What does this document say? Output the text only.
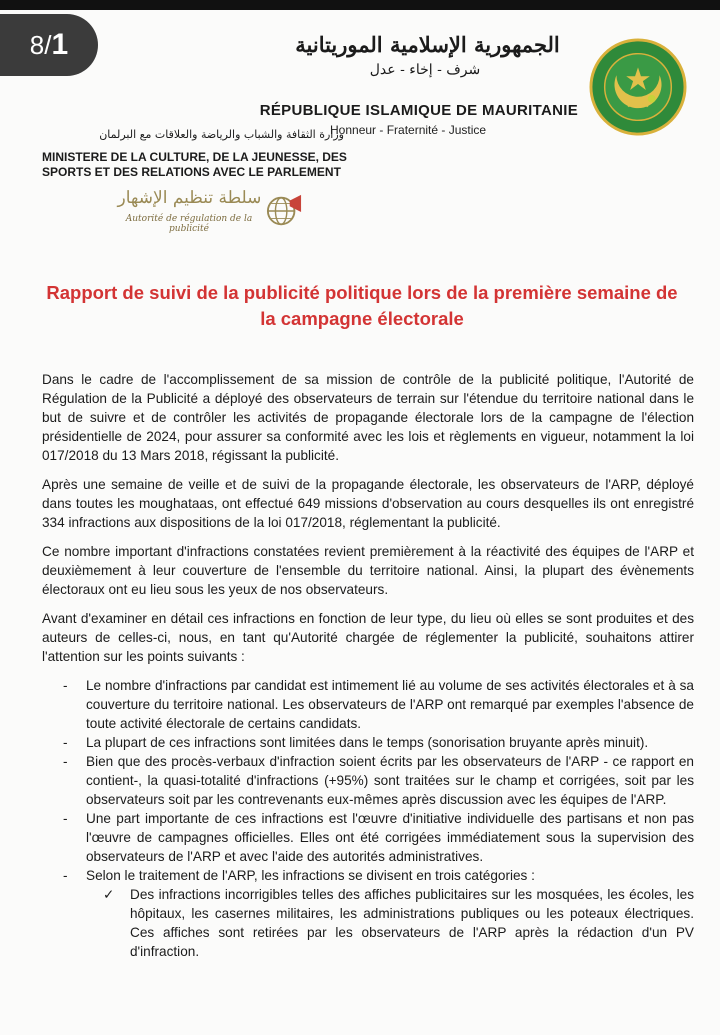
8 / 1	الجمهورية الإسلامية الموريتانية
شرف - إخاء - عدل
RÉPUBLIQUE ISLAMIQUE DE MAURITANIE
وزارة الثقافة والشباب والرياضة والعلاقات مع البرلمان
Honneur - Fraternité - Justice
MINISTERE DE LA CULTURE, DE LA JEUNESSE, DES SPORTS ET DES RELATIONS AVEC LE PARLEMENT
سلطة تنظيم الإشهار
Autorité de régulation de la publicité
Rapport de suivi de la publicité politique lors de la première semaine de la campagne électorale

Dans le cadre de l'accomplissement de sa mission de contrôle de la publicité politique, l'Autorité de Régulation de la Publicité a déployé des observateurs de terrain sur l'étendue du territoire national dans le but de suivre et de contrôler les activités de propagande électorale lors de la campagne de l'élection présidentielle de 2024, pour assurer sa conformité avec les lois et règlements en vigueur, notamment la loi 017/2018 du 13 Mars 2018, régissant la publicité.

Après une semaine de veille et de suivi de la propagande électorale, les observateurs de l'ARP, déployé dans toutes les moughataas, ont effectué 649 missions d'observation au cours desquelles ils ont enregistré 334 infractions aux dispositions de la loi 017/2018, réglementant la publicité.

Ce nombre important d'infractions constatées revient premièrement à la réactivité des équipes de l'ARP et deuxièmement à leur couverture de l'ensemble du territoire national. Ainsi, la plupart des évènements électoraux ont eu lieu sous les yeux de nos observateurs.

Avant d'examiner en détail ces infractions en fonction de leur type, du lieu où elles se sont produites et des auteurs de celles-ci, nous, en tant qu'Autorité chargée de réglementer la publicité, souhaitons attirer l'attention sur les points suivants :

- Le nombre d'infractions par candidat est intimement lié au volume de ses activités électorales et à sa couverture du territoire national. Les observateurs de l'ARP ont remarqué par exemples l'absence de toute activité électorale de certains candidats.
- La plupart de ces infractions sont limitées dans le temps (sonorisation bruyante après minuit).
- Bien que des procès-verbaux d'infraction soient écrits par les observateurs de l'ARP - ce rapport en contient-, la quasi-totalité d'infractions (+95%) sont traitées sur le champ et corrigées, soit par les observateurs soit par les contrevenants eux-mêmes après discussion avec les équipes de l'ARP.
- Une part importante de ces infractions est l'œuvre d'initiative individuelle des partisans et non pas l'œuvre de campagnes officielles. Elles ont été corrigées immédiatement sous la supervision des observateurs de l'ARP et avec l'aide des autorités administratives.
- Selon le traitement de l'ARP, les infractions se divisent en trois catégories :
✓ Des infractions incorrigibles telles des affiches publicitaires sur les mosquées, les écoles, les hôpitaux, les casernes militaires, les administrations publiques ou les poteaux électriques. Ces affiches sont retirées par les observateurs de l'ARP après la rédaction d'un PV d'infraction.
